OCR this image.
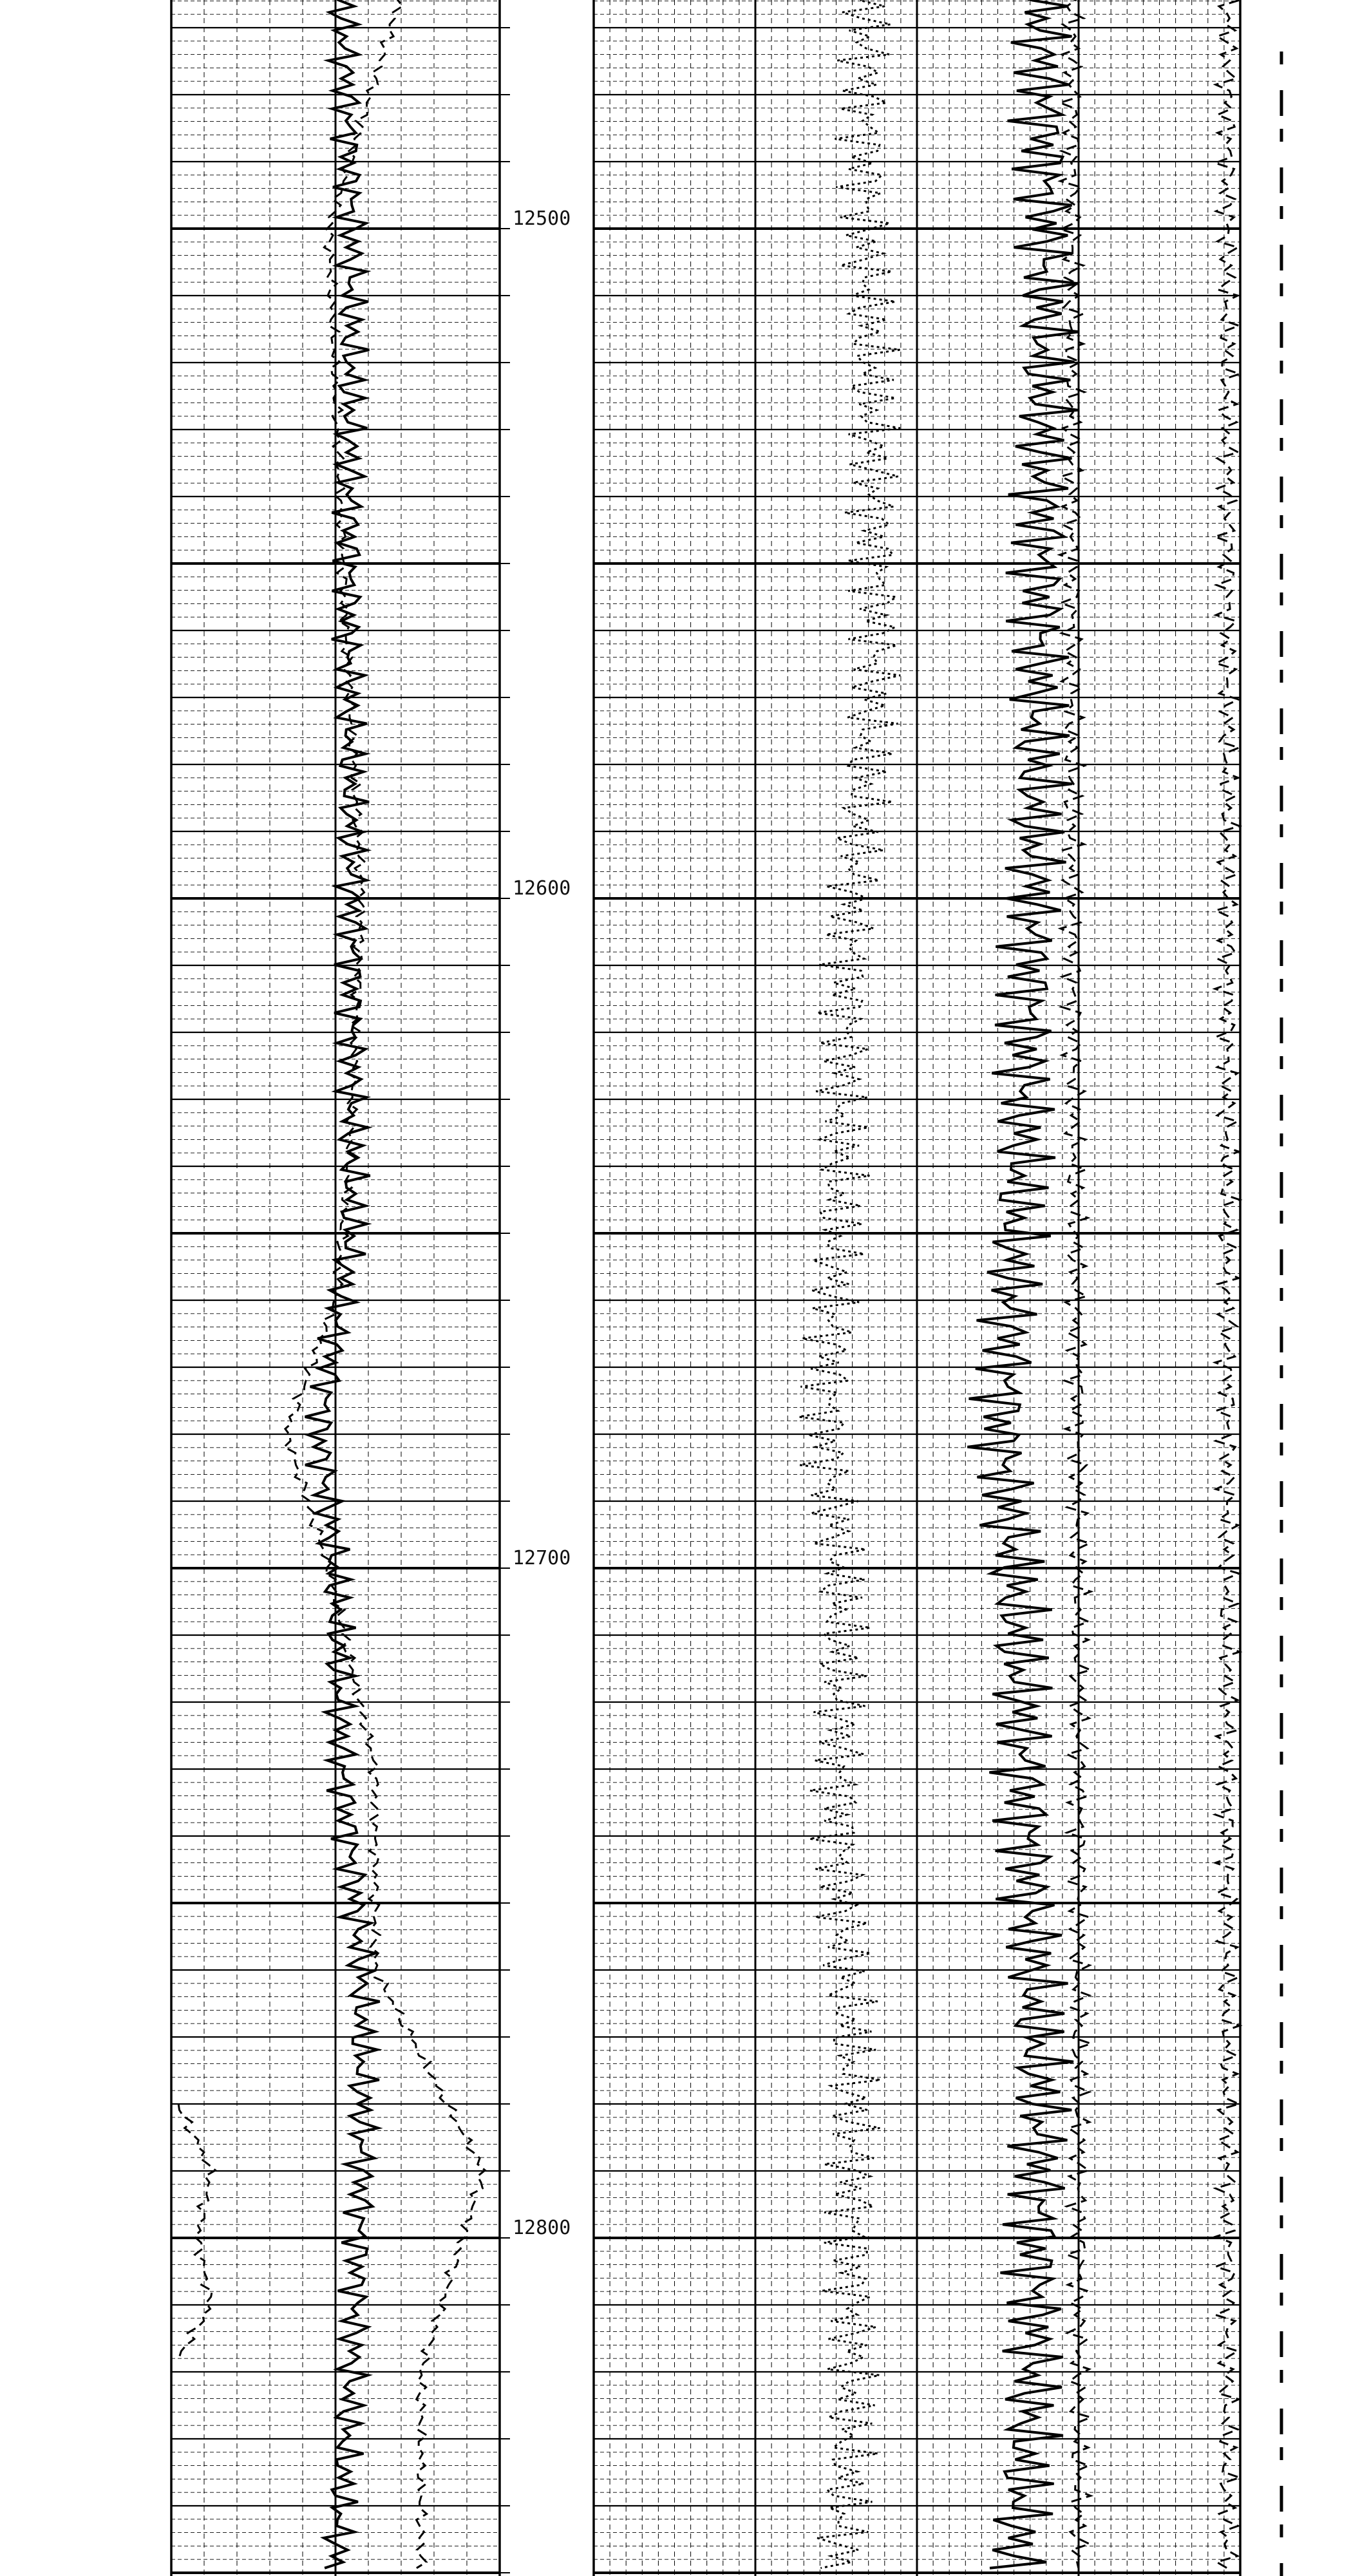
12500
12600
12700
12800
